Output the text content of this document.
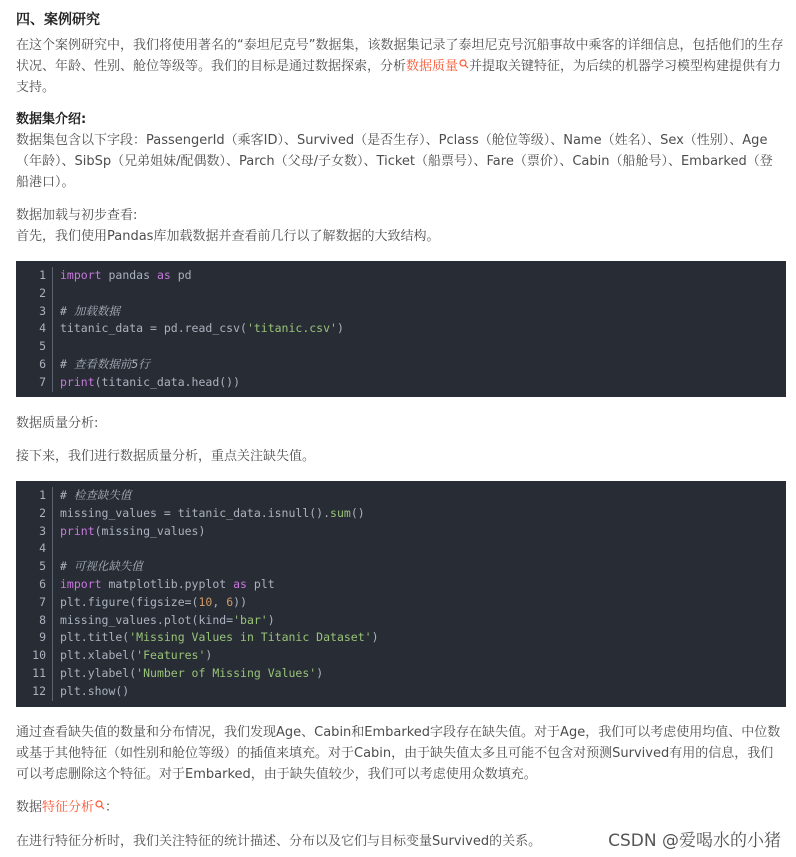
四、案例研究
在这个案例研究中，我们将使用著名的“泰坦尼克号”数据集，该数据集记录了泰坦尼克号沉船事故中乘客的详细信息，包括他们的生存状况、年龄、性别、舱位等级等。我们的目标是通过数据探索，分析数据质量 并提取关键特征，为后续的机器学习模型构建提供有力支持。
数据集介绍:
数据集包含以下字段：PassengerId（乘客ID）、Survived（是否生存）、Pclass（舱位等级）、Name（姓名）、Sex（性别）、Age（年龄）、SibSp（兄弟姐妹/配偶数）、Parch（父母/子女数）、Ticket（船票号）、Fare（票价）、Cabin（船舱号）、Embarked（登船港口）。
数据加载与初步查看:
首先，我们使用Pandas库加载数据并查看前几行以了解数据的大致结构。
1	import pandas as pd
2
3	# 加载数据
4	titanic_data = pd.read_csv('titanic.csv')
5
6	# 查看数据前5行
7	print(titanic_data.head())
数据质量分析:
接下来，我们进行数据质量分析，重点关注缺失值。
1	# 检查缺失值
2	missing_values = titanic_data.isnull().sum()
3	print(missing_values)
4
5	# 可视化缺失值
6	import matplotlib.pyplot as plt
7	plt.figure(figsize=(10, 6))
8	missing_values.plot(kind='bar')
9	plt.title('Missing Values in Titanic Dataset')
10	plt.xlabel('Features')
11	plt.ylabel('Number of Missing Values')
12	plt.show()
通过查看缺失值的数量和分布情况，我们发现Age、Cabin和Embarked字段存在缺失值。对于Age，我们可以考虑使用均值、中位数或基于其他特征（如性别和舱位等级）的插值来填充。对于Cabin，由于缺失值太多且可能不包含对预测Survived有用的信息，我们可以考虑删除这个特征。对于Embarked，由于缺失值较少，我们可以考虑使用众数填充。
数据特征分析 ：
在进行特征分析时，我们关注特征的统计描述、分布以及它们与目标变量Survived的关系。	CSDN @爱喝水的小猪
